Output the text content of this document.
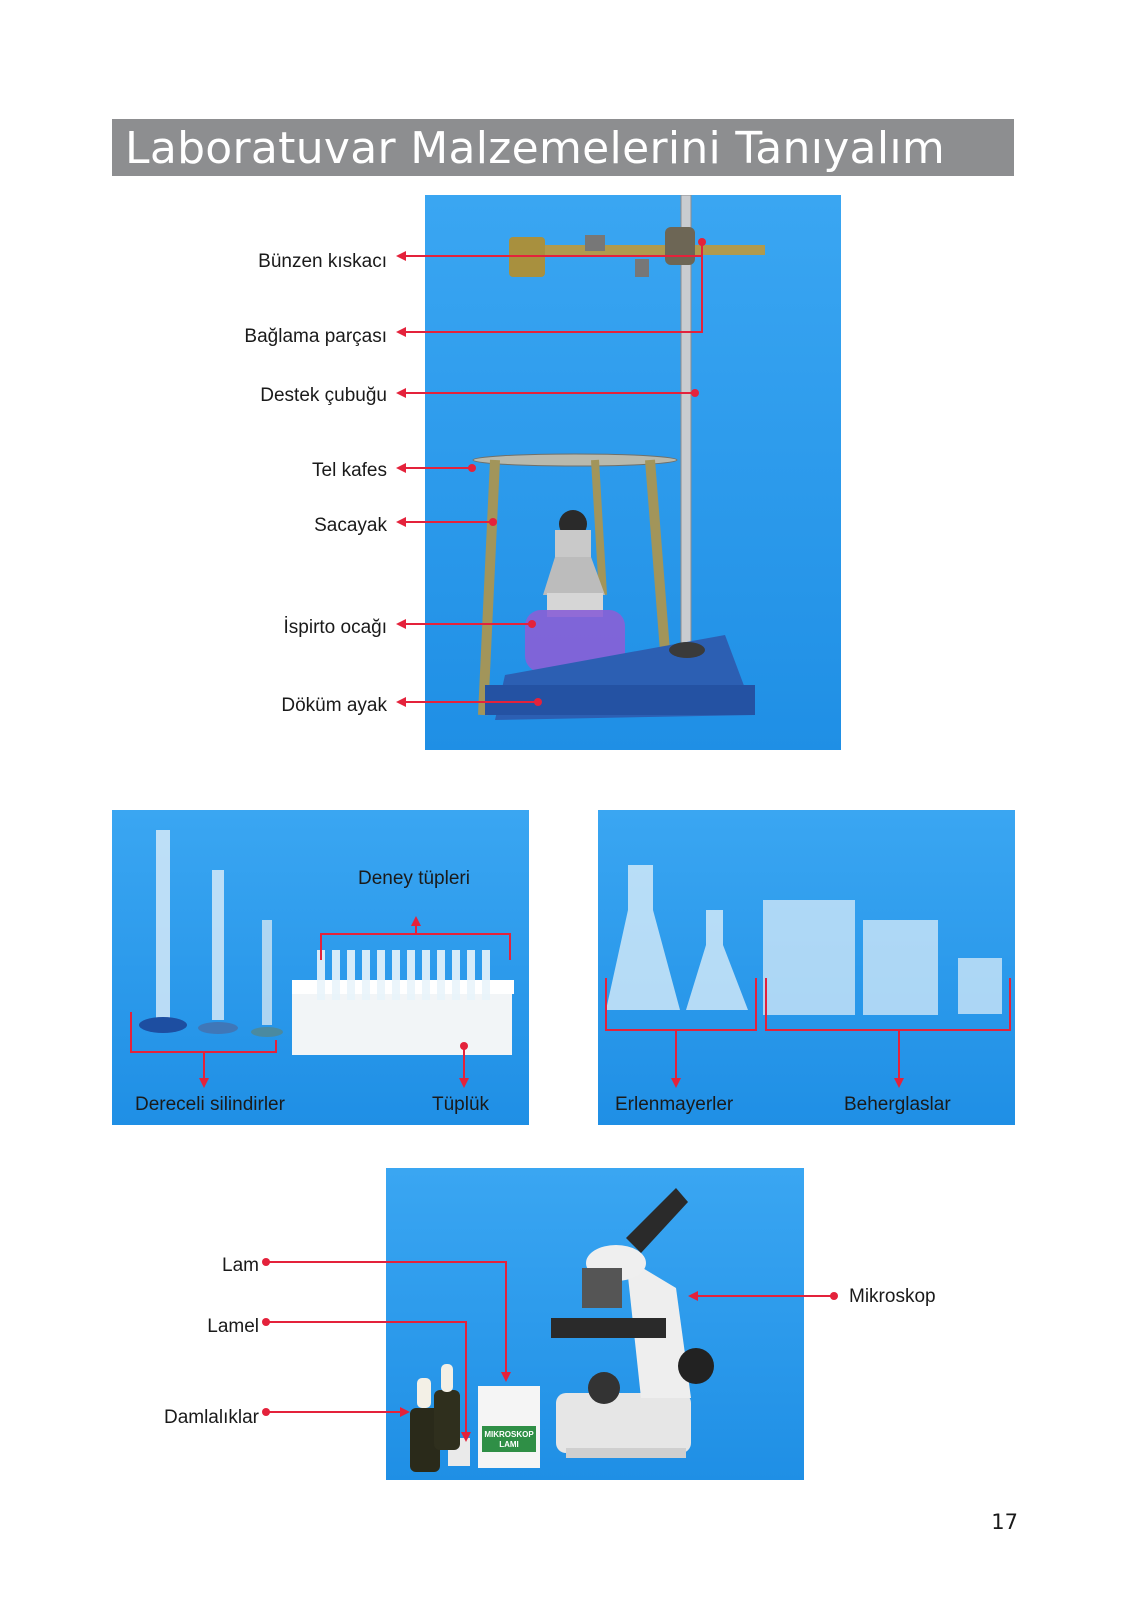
Laboratuvar Malzemelerini Tanıyalım
Deney tüpleri
Dereceli silindirler	Tüplük	Erlenmayerler	Beherglaslar
MIKROSKOP
LAMI
Bünzen kıskacı
Bağlama parçası
Destek çubuğu
Tel kafes
Sacayak
İspirto ocağı
Döküm ayak
Lam
Lamel
Damlalıklar
Mikroskop
17
